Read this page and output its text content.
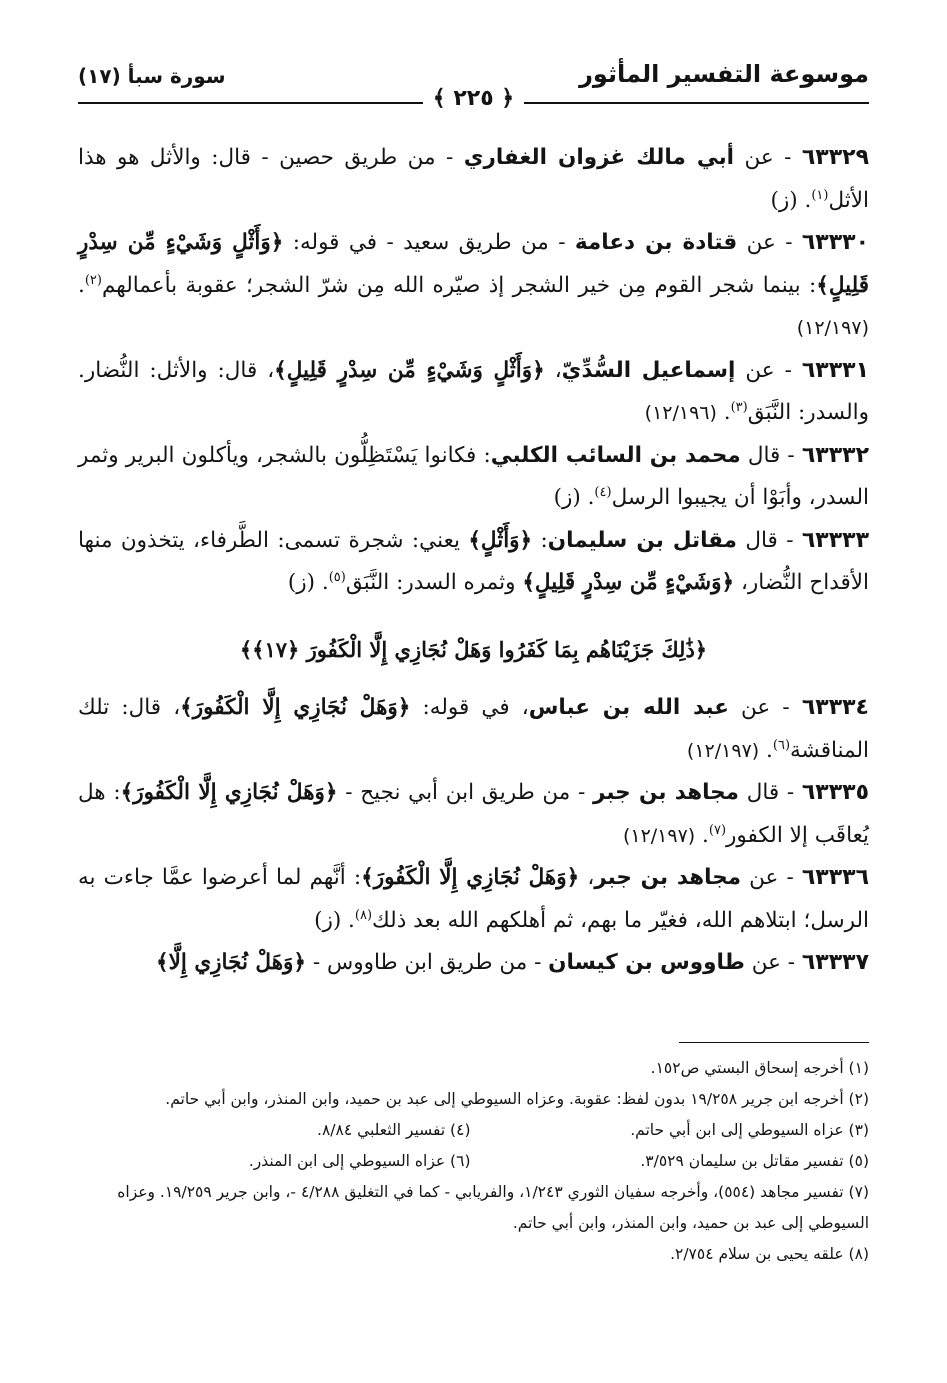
موسوعة التفسير المأثور
سورة سبأ (١٧)
﴿ ٢٢٥ ﴾

٦٣٣٢٩ - عن أبي مالك غزوان الغفاري - من طريق حصين - قال: والأثل هو هذا الأثل$^{(١)}$. (ز)

٦٣٣٣٠ - عن قتادة بن دعامة - من طريق سعيد - في قوله: ﴿وَأَثْلٍ وَشَيْءٍ مِّن سِدْرٍ قَلِيلٍ﴾: بينما شجر القوم مِن خير الشجر إذ صيّره الله مِن شرّ الشجر؛ عقوبة بأعمالهم$^{(٢)}$. (١٢/١٩٧)

٦٣٣٣١ - عن إسماعيل السُّدِّيّ، ﴿وَأَثْلٍ وَشَيْءٍ مِّن سِدْرٍ قَلِيلٍ﴾، قال: والأثل: النُّضار. والسدر: النَّبَق$^{(٣)}$. (١٢/١٩٦)

٦٣٣٣٢ - قال محمد بن السائب الكلبي: فكانوا يَسْتَظِلُّون بالشجر، ويأكلون البرير وثمر السدر، وأبَوْا أن يجيبوا الرسل$^{(٤)}$. (ز)

٦٣٣٣٣ - قال مقاتل بن سليمان: ﴿وَأَثْلٍ﴾ يعني: شجرة تسمى: الطَّرفاء، يتخذون منها الأقداح النُّضار، ﴿وَشَيْءٍ مِّن سِدْرٍ قَلِيلٍ﴾ وثمره السدر: النَّبَق$^{(٥)}$. (ز)

﴿ذَٰلِكَ جَزَيْنَاهُم بِمَا كَفَرُوا وَهَلْ نُجَازِي إِلَّا الْكَفُورَ ﴿١٧﴾﴾

٦٣٣٣٤ - عن عبد الله بن عباس، في قوله: ﴿وَهَلْ نُجَازِي إِلَّا الْكَفُورَ﴾، قال: تلك المناقشة$^{(٦)}$. (١٢/١٩٧)

٦٣٣٣٥ - قال مجاهد بن جبر - من طريق ابن أبي نجيح - ﴿وَهَلْ نُجَازِي إِلَّا الْكَفُورَ﴾: هل يُعاقَب إلا الكفور$^{(٧)}$. (١٢/١٩٧)

٦٣٣٣٦ - عن مجاهد بن جبر، ﴿وَهَلْ نُجَازِي إِلَّا الْكَفُورَ﴾: أنَّهم لما أعرضوا عمَّا جاءت به الرسل؛ ابتلاهم الله، فغيّر ما بهم، ثم أهلكهم الله بعد ذلك$^{(٨)}$. (ز)

٦٣٣٣٧ - عن طاووس بن كيسان - من طريق ابن طاووس - ﴿وَهَلْ نُجَازِي إِلَّا﴾

(١) أخرجه إسحاق البستي ص١٥٢.

(٢) أخرجه ابن جرير ١٩/٢٥٨ بدون لفظ: عقوبة. وعزاه السيوطي إلى عبد بن حميد، وابن المنذر، وابن أبي حاتم.

(٣) عزاه السيوطي إلى ابن أبي حاتم.

(٤) تفسير الثعلبي ٨/٨٤.

(٥) تفسير مقاتل بن سليمان ٣/٥٢٩.

(٦) عزاه السيوطي إلى ابن المنذر.

(٧) تفسير مجاهد (٥٥٤)، وأخرجه سفيان الثوري ١/٢٤٣، والفريابي - كما في التغليق ٤/٢٨٨ -، وابن جرير ١٩/٢٥٩. وعزاه السيوطي إلى عبد بن حميد، وابن المنذر، وابن أبي حاتم.

(٨) علقه يحيى بن سلام ٢/٧٥٤.
